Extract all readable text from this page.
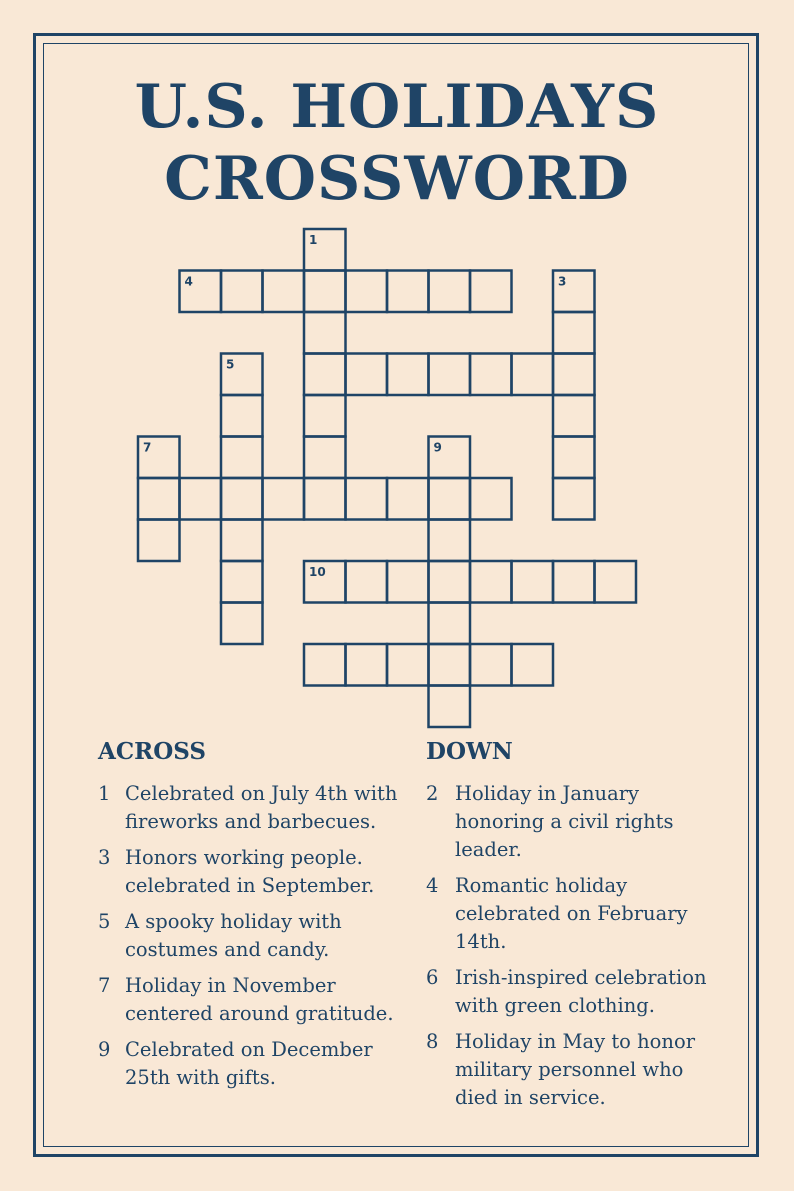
U.S. HOLIDAYS
CROSSWORD
1
3
4
5
7	9
10
ACROSS	DOWN
1 Celebrated on July 4th with fireworks and barbecues.
3 Honors working people. celebrated in September.
5 A spooky holiday with costumes and candy.
7 Holiday in November centered around gratitude.
9 Celebrated on December 25th with gifts.
2 Holiday in January honoring a civil rights leader.
4 Romantic holiday celebrated on February 14th.
6 Irish-inspired celebration with green clothing.
8 Holiday in May to honor military personnel who died in service.
